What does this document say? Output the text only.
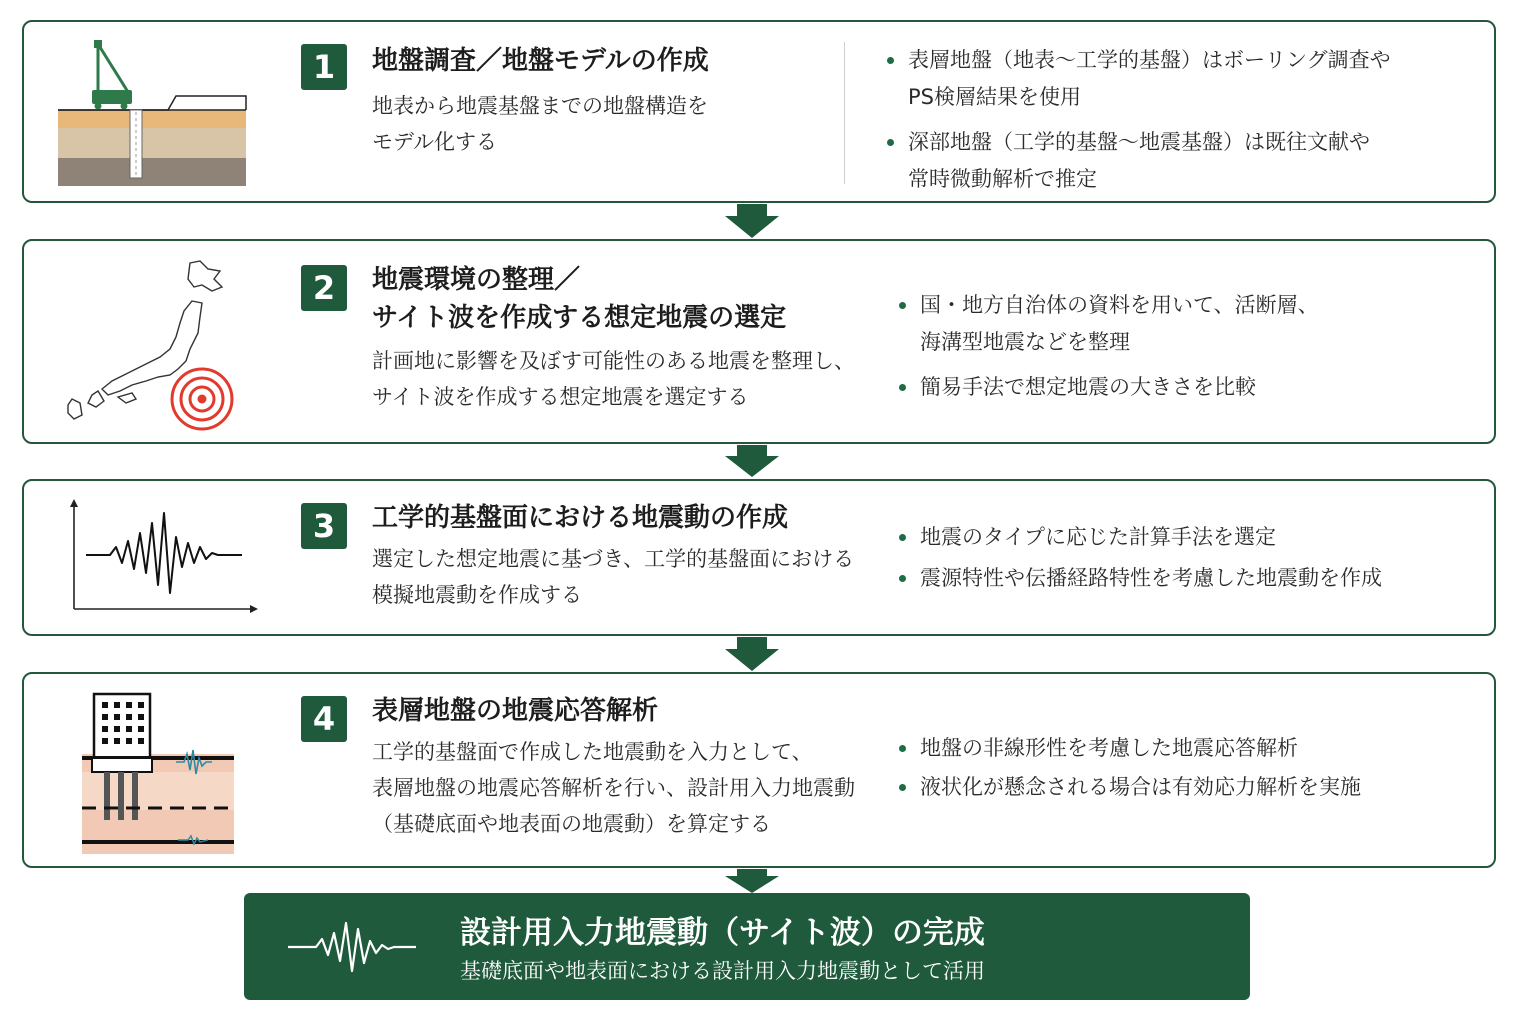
1	地盤調査／地盤モデルの作成
地表から地震基盤までの地盤構造を
モデル化する
表層地盤（地表〜工学的基盤）はボーリング調査や
PS検層結果を使用
深部地盤（工学的基盤〜地震基盤）は既往文献や
常時微動解析で推定
2	地震環境の整理／
サイト波を作成する想定地震の選定
計画地に影響を及ぼす可能性のある地震を整理し、
サイト波を作成する想定地震を選定する
国・地方自治体の資料を用いて、活断層、
海溝型地震などを整理
簡易手法で想定地震の大きさを比較
3	工学的基盤面における地震動の作成
選定した想定地震に基づき、工学的基盤面における
模擬地震動を作成する
地震のタイプに応じた計算手法を選定
震源特性や伝播経路特性を考慮した地震動を作成
4	表層地盤の地震応答解析
工学的基盤面で作成した地震動を入力として、
表層地盤の地震応答解析を行い、設計用入力地震動
（基礎底面や地表面の地震動）を算定する
地盤の非線形性を考慮した地震応答解析
液状化が懸念される場合は有効応力解析を実施
設計用入力地震動（サイト波）の完成
基礎底面や地表面における設計用入力地震動として活用
